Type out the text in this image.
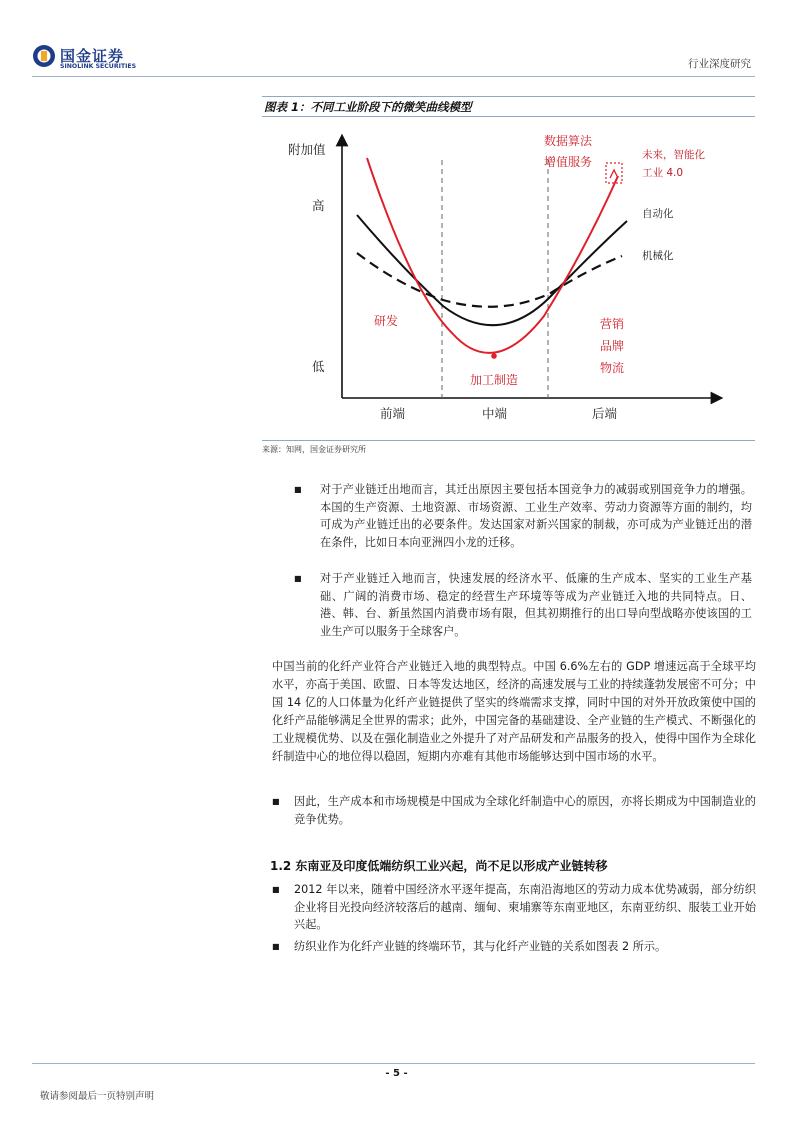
国金证券
SINOLINK SECURITIES	行业深度研究
图表 1：不同工业阶段下的微笑曲线模型
附加值
高
低
前端	中端	后端
研发
加工制造
数据算法
增值服务
营销
品牌
物流
未来，智能化
工业 4.0
自动化
机械化
来源：知网，国金证券研究所
■	对于产业链迁出地而言，其迁出原因主要包括本国竞争力的减弱或别国竞争力的增强。本国的生产资源、土地资源、市场资源、工业生产效率、劳动力资源等方面的制约，均可成为产业链迁出的必要条件。发达国家对新兴国家的制裁，亦可成为产业链迁出的潜在条件，比如日本向亚洲四小龙的迁移。
■	对于产业链迁入地而言，快速发展的经济水平、低廉的生产成本、坚实的工业生产基础、广阔的消费市场、稳定的经营生产环境等等成为产业链迁入地的共同特点。日、港、韩、台、新虽然国内消费市场有限，但其初期推行的出口导向型战略亦使该国的工业生产可以服务于全球客户。
中国当前的化纤产业符合产业链迁入地的典型特点。中国 6.6%左右的 GDP 增速远高于全球平均水平，亦高于美国、欧盟、日本等发达地区，经济的高速发展与工业的持续蓬勃发展密不可分；中国 14 亿的人口体量为化纤产业链提供了坚实的终端需求支撑，同时中国的对外开放政策使中国的化纤产品能够满足全世界的需求；此外，中国完备的基础建设、全产业链的生产模式、不断强化的工业规模优势、以及在强化制造业之外提升了对产品研发和产品服务的投入，使得中国作为全球化纤制造中心的地位得以稳固，短期内亦难有其他市场能够达到中国市场的水平。
■	因此，生产成本和市场规模是中国成为全球化纤制造中心的原因，亦将长期成为中国制造业的竞争优势。
1.2 东南亚及印度低端纺织工业兴起，尚不足以形成产业链转移
■	2012 年以来，随着中国经济水平逐年提高，东南沿海地区的劳动力成本优势减弱，部分纺织企业将目光投向经济较落后的越南、缅甸、柬埔寨等东南亚地区，东南亚纺织、服装工业开始兴起。
■	纺织业作为化纤产业链的终端环节，其与化纤产业链的关系如图表 2 所示。
- 5 -
敬请参阅最后一页特别声明
